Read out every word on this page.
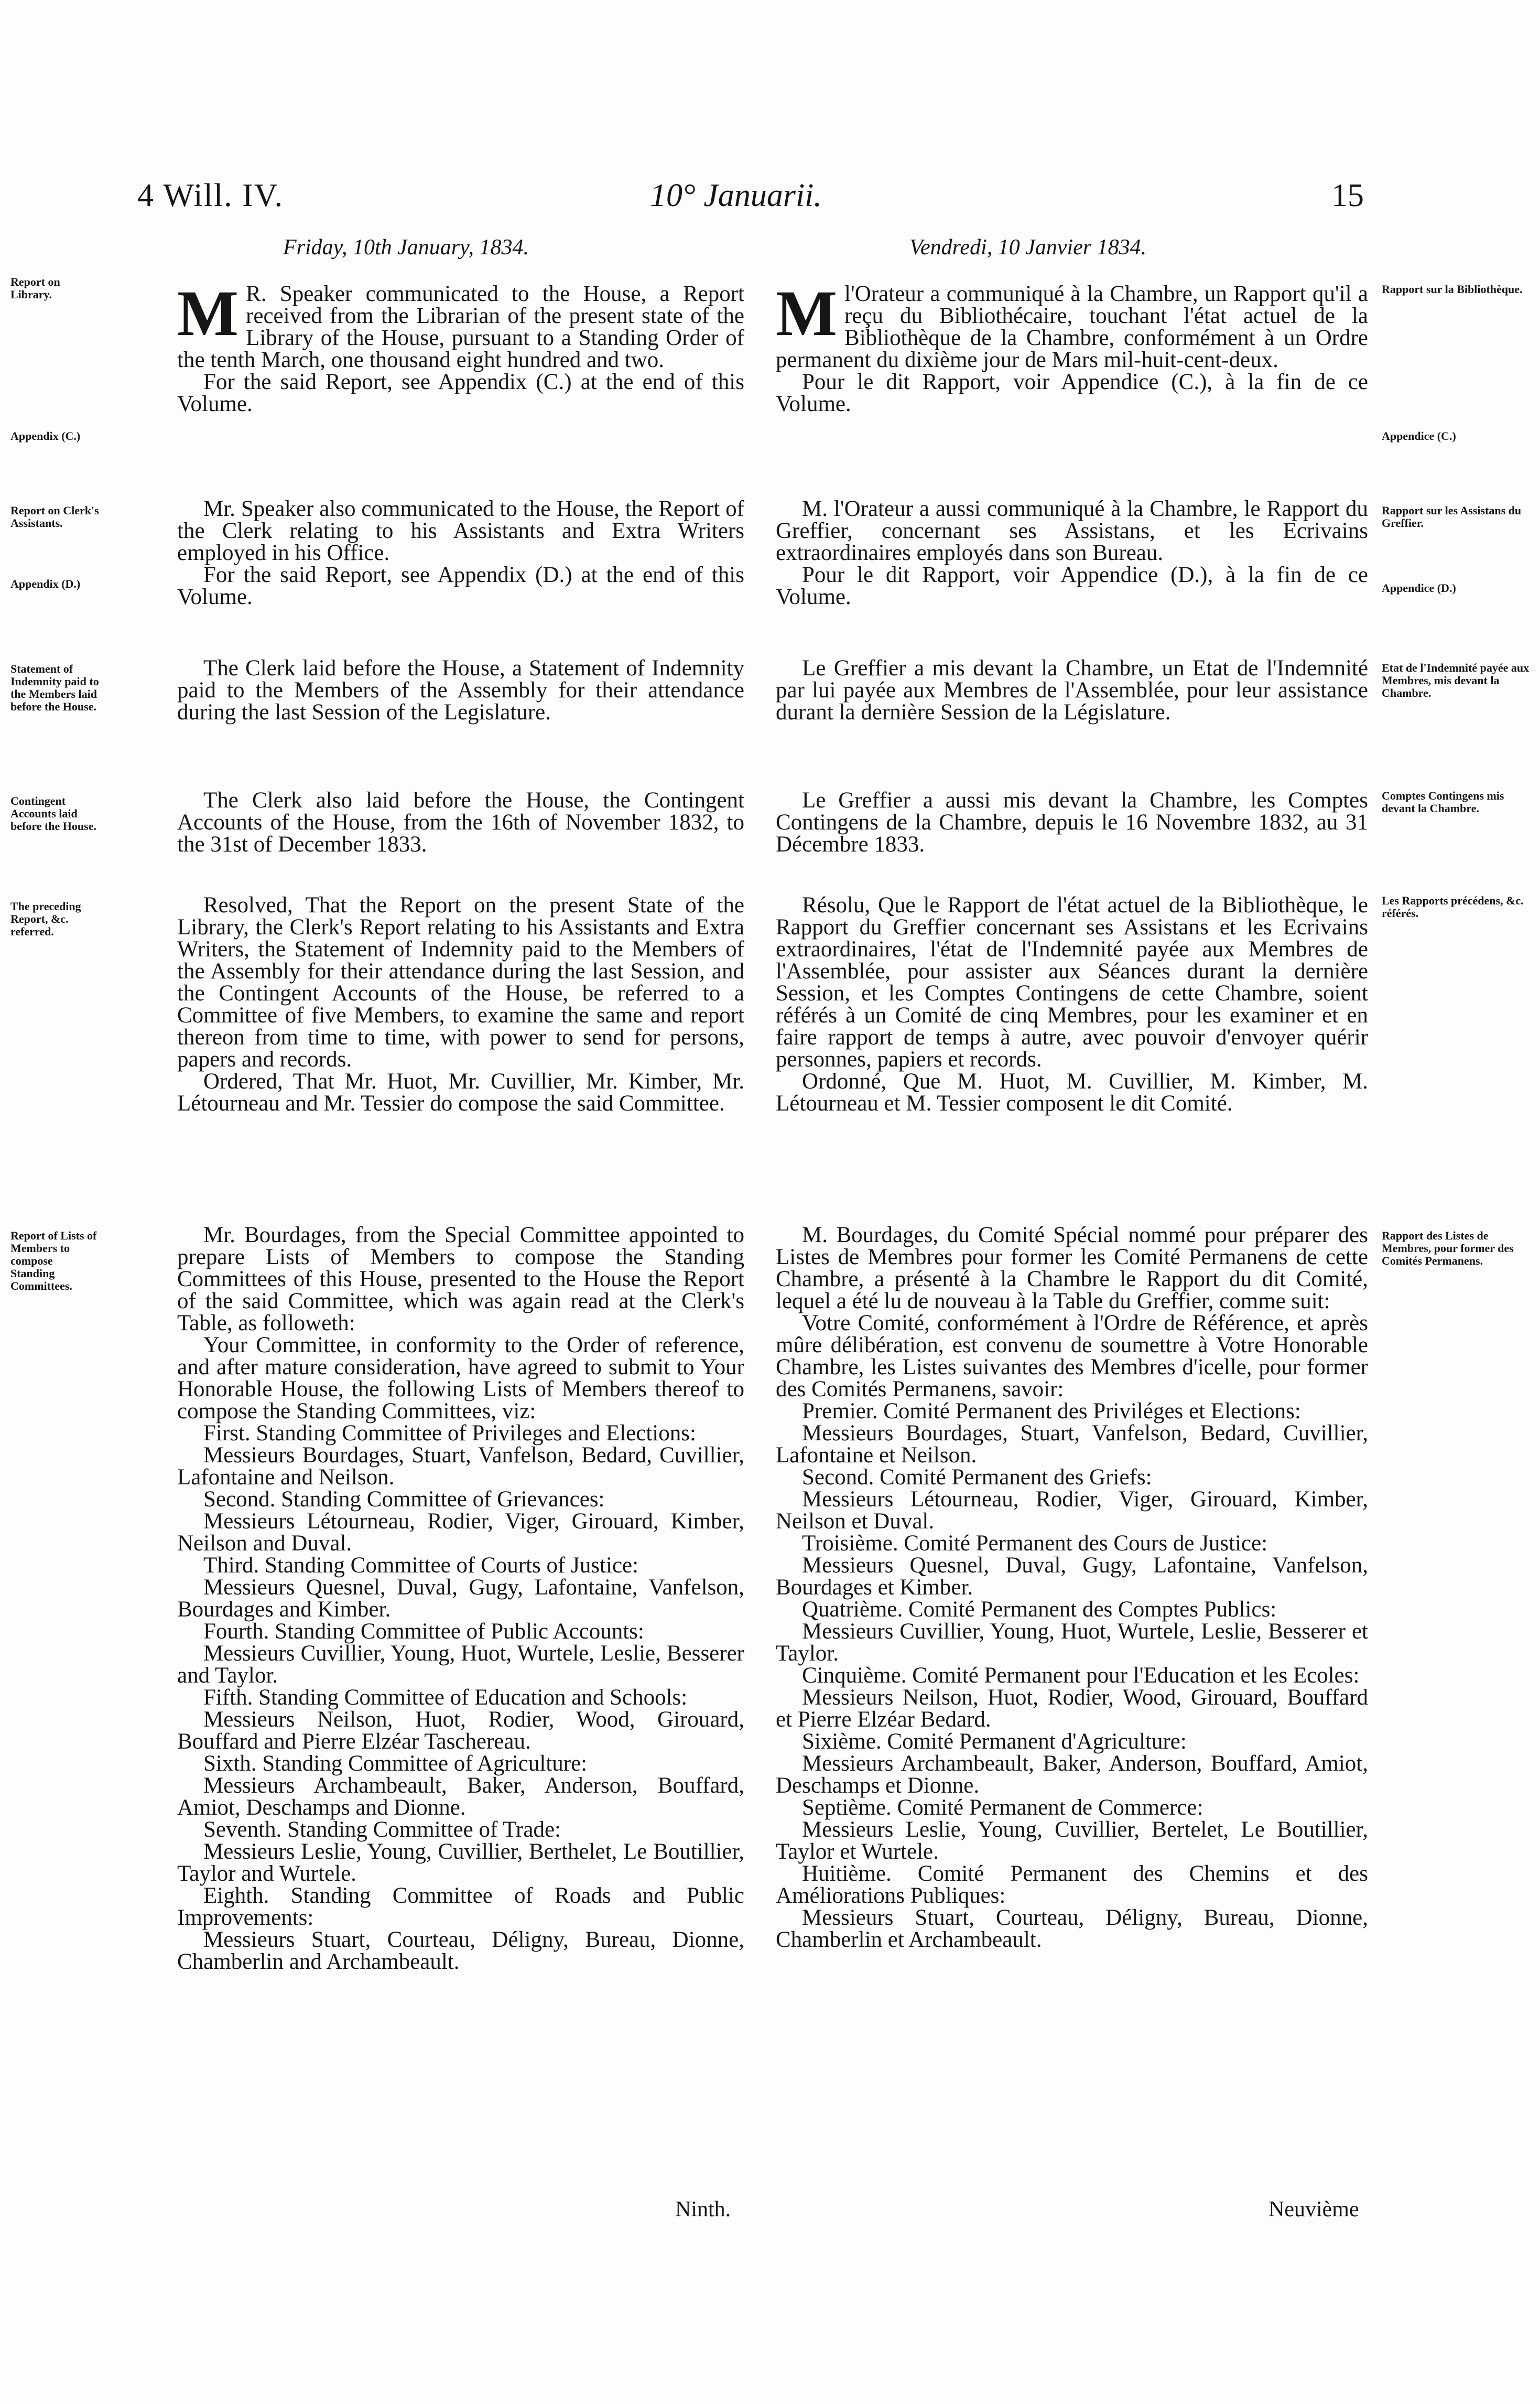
4 Will. IV.	10° Januarii.	15
Friday, 10th January, 1834.	Vendredi, 10 Janvier 1834.
Report on Library.
Appendix (C.)
Report on Clerk's Assistants.
Appendix (D.)
Statement of Indemnity paid to the Members laid before the House.
Contingent Accounts laid before the House.
The preceding Report, &c. referred.
Report of Lists of Members to compose Standing Committees.
Rapport sur la Bibliothèque.
Appendice (C.)
Rapport sur les Assistans du Greffier.
Appendice (D.)
Etat de l'Indemnité payée aux Membres, mis devant la Chambre.
Comptes Contingens mis devant la Chambre.
Les Rapports précédens, &c. référés.
Rapport des Listes de Membres, pour former des Comités Permanens.

M R. Speaker communicated to the House, a Report received from the Librarian of the present state of the Library of the House, pursuant to a Standing Order of the tenth March, one thousand eight hundred and two.

For the said Report, see Appendix (C.) at the end of this Volume.

Mr. Speaker also communicated to the House, the Report of the Clerk relating to his Assistants and Extra Writers employed in his Office.

For the said Report, see Appendix (D.) at the end of this Volume.

The Clerk laid before the House, a Statement of Indemnity paid to the Members of the Assembly for their attendance during the last Session of the Legislature.

The Clerk also laid before the House, the Contingent Accounts of the House, from the 16th of November 1832, to the 31st of December 1833.

Resolved, That the Report on the present State of the Library, the Clerk's Report relating to his Assistants and Extra Writers, the Statement of Indemnity paid to the Members of the Assembly for their attendance during the last Session, and the Contingent Accounts of the House, be referred to a Committee of five Members, to examine the same and report thereon from time to time, with power to send for persons, papers and records.

Ordered, That Mr. Huot, Mr. Cuvillier, Mr. Kimber, Mr. Létourneau and Mr. Tessier do compose the said Committee.

Mr. Bourdages, from the Special Committee appointed to prepare Lists of Members to compose the Standing Committees of this House, presented to the House the Report of the said Committee, which was again read at the Clerk's Table, as followeth:

Your Committee, in conformity to the Order of reference, and after mature consideration, have agreed to submit to Your Honorable House, the following Lists of Members thereof to compose the Standing Committees, viz:

First. Standing Committee of Privileges and Elections:

Messieurs Bourdages, Stuart, Vanfelson, Bedard, Cuvillier, Lafontaine and Neilson.

Second. Standing Committee of Grievances:

Messieurs Létourneau, Rodier, Viger, Girouard, Kimber, Neilson and Duval.

Third. Standing Committee of Courts of Justice:

Messieurs Quesnel, Duval, Gugy, Lafontaine, Vanfelson, Bourdages and Kimber.

Fourth. Standing Committee of Public Accounts:

Messieurs Cuvillier, Young, Huot, Wurtele, Leslie, Besserer and Taylor.

Fifth. Standing Committee of Education and Schools:

Messieurs Neilson, Huot, Rodier, Wood, Girouard, Bouffard and Pierre Elzéar Taschereau.

Sixth. Standing Committee of Agriculture:

Messieurs Archambeault, Baker, Anderson, Bouffard, Amiot, Deschamps and Dionne.

Seventh. Standing Committee of Trade:

Messieurs Leslie, Young, Cuvillier, Berthelet, Le Boutillier, Taylor and Wurtele.

Eighth. Standing Committee of Roads and Public Improvements:

Messieurs Stuart, Courteau, Déligny, Bureau, Dionne, Chamberlin and Archambeault.

Ml'Orateur a communiqué à la Chambre, un Rapport qu'il a reçu du Bibliothécaire, touchant l'état actuel de la Bibliothèque de la Chambre, conformément à un Ordre permanent du dixième jour de Mars mil-huit-cent-deux.

Pour le dit Rapport, voir Appendice (C.), à la fin de ce Volume.

M. l'Orateur a aussi communiqué à la Chambre, le Rapport du Greffier, concernant ses Assistans, et les Ecrivains extraordinaires employés dans son Bureau.

Pour le dit Rapport, voir Appendice (D.), à la fin de ce Volume.

Le Greffier a mis devant la Chambre, un Etat de l'Indemnité par lui payée aux Membres de l'Assemblée, pour leur assistance durant la dernière Session de la Législature.

Le Greffier a aussi mis devant la Chambre, les Comptes Contingens de la Chambre, depuis le 16 Novembre 1832, au 31 Décembre 1833.

Résolu, Que le Rapport de l'état actuel de la Bibliothèque, le Rapport du Greffier concernant ses Assistans et les Ecrivains extraordinaires, l'état de l'Indemnité payée aux Membres de l'Assemblée, pour assister aux Séances durant la dernière Session, et les Comptes Contingens de cette Chambre, soient référés à un Comité de cinq Membres, pour les examiner et en faire rapport de temps à autre, avec pouvoir d'envoyer quérir personnes, papiers et records.

Ordonné, Que M. Huot, M. Cuvillier, M. Kimber, M. Létourneau et M. Tessier composent le dit Comité.

M. Bourdages, du Comité Spécial nommé pour préparer des Listes de Membres pour former les Comité Permanens de cette Chambre, a présenté à la Chambre le Rapport du dit Comité, lequel a été lu de nouveau à la Table du Greffier, comme suit:

Votre Comité, conformément à l'Ordre de Référence, et après mûre délibération, est convenu de soumettre à Votre Honorable Chambre, les Listes suivantes des Membres d'icelle, pour former des Comités Permanens, savoir:

Premier. Comité Permanent des Priviléges et Elections:

Messieurs Bourdages, Stuart, Vanfelson, Bedard, Cuvillier, Lafontaine et Neilson.

Second. Comité Permanent des Griefs:

Messieurs Létourneau, Rodier, Viger, Girouard, Kimber, Neilson et Duval.

Troisième. Comité Permanent des Cours de Justice:

Messieurs Quesnel, Duval, Gugy, Lafontaine, Vanfelson, Bourdages et Kimber.

Quatrième. Comité Permanent des Comptes Publics:

Messieurs Cuvillier, Young, Huot, Wurtele, Leslie, Besserer et Taylor.

Cinquième. Comité Permanent pour l'Education et les Ecoles:

Messieurs Neilson, Huot, Rodier, Wood, Girouard, Bouffard et Pierre Elzéar Bedard.

Sixième. Comité Permanent d'Agriculture:

Messieurs Archambeault, Baker, Anderson, Bouffard, Amiot, Deschamps et Dionne.

Septième. Comité Permanent de Commerce:

Messieurs Leslie, Young, Cuvillier, Bertelet, Le Boutillier, Taylor et Wurtele.

Huitième. Comité Permanent des Chemins et des Améliorations Publiques:

Messieurs Stuart, Courteau, Déligny, Bureau, Dionne, Chamberlin et Archambeault.

Ninth.	Neuvième
